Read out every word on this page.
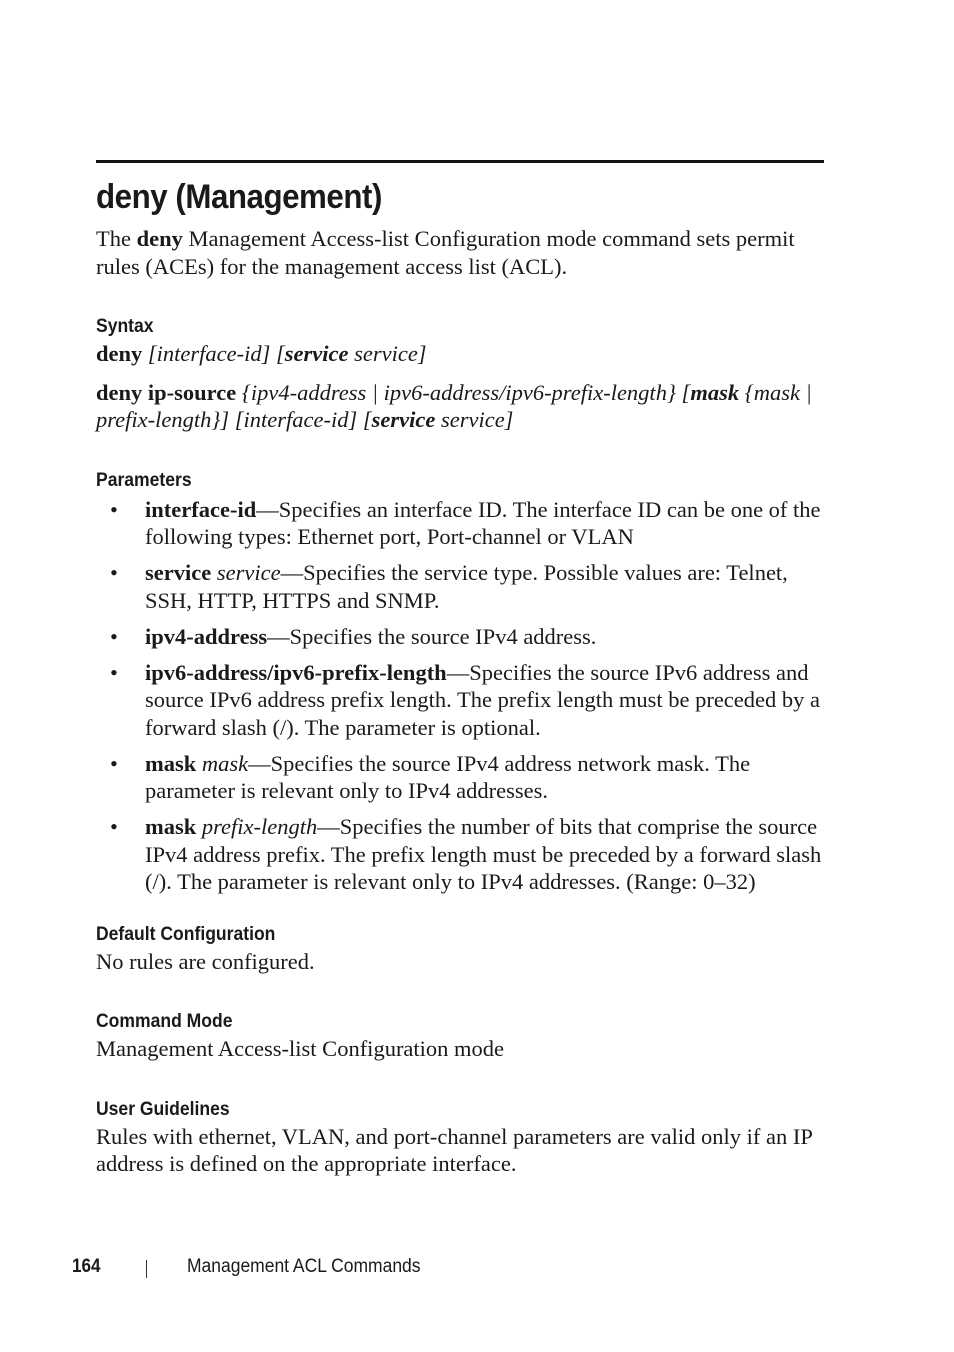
deny (Management)

The deny Management Access-list Configuration mode command sets permit rules (ACEs) for the management access list (ACL).

Syntax

deny [interface-id] [service service]

deny ip-source {ipv4-address | ipv6-address/ipv6-prefix-length} [mask {mask | prefix-length}] [interface-id] [service service]

Parameters
• interface-id—Specifies an interface ID. The interface ID can be one of the following types: Ethernet port, Port-channel or VLAN
• service service—Specifies the service type. Possible values are: Telnet, SSH, HTTP, HTTPS and SNMP.
• ipv4-address—Specifies the source IPv4 address.
• ipv6-address/ipv6-prefix-length—Specifies the source IPv6 address and source IPv6 address prefix length. The prefix length must be preceded by a forward slash (/). The parameter is optional.
• mask mask—Specifies the source IPv4 address network mask. The parameter is relevant only to IPv4 addresses.
• mask prefix-length—Specifies the number of bits that comprise the source IPv4 address prefix. The prefix length must be preceded by a forward slash (/). The parameter is relevant only to IPv4 addresses. (Range: 0–32)
Default Configuration

No rules are configured.

Command Mode

Management Access-list Configuration mode

User Guidelines

Rules with ethernet, VLAN, and port-channel parameters are valid only if an IP address is defined on the appropriate interface.

164	Management ACL Commands
